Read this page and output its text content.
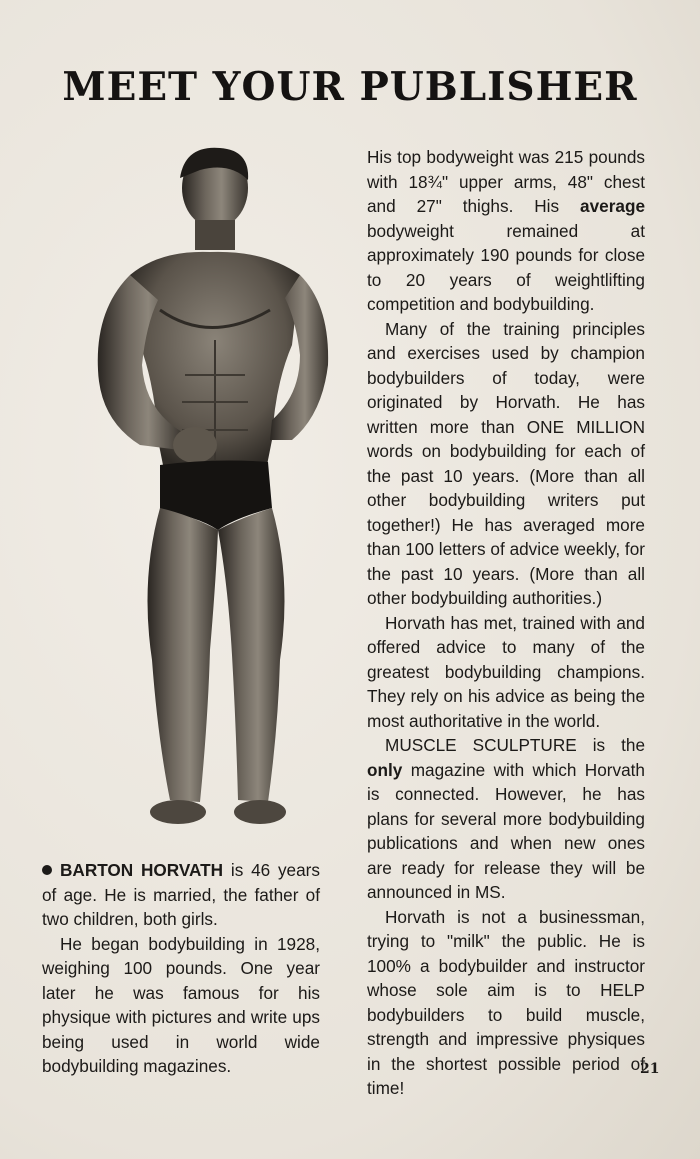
MEET YOUR PUBLISHER

His top bodyweight was 215 pounds with 18¾" upper arms, 48" chest and 27" thighs. His average bodyweight remained at approximately 190 pounds for close to 20 years of weightlifting competition and bodybuilding.

Many of the training principles and exercises used by champion bodybuilders of today, were originated by Horvath. He has written more than ONE MILLION words on bodybuilding for each of the past 10 years. (More than all other bodybuilding writers put together!) He has averaged more than 100 letters of advice weekly, for the past 10 years. (More than all other bodybuilding authorities.)

Horvath has met, trained with and offered advice to many of the greatest bodybuilding champions. They rely on his advice as being the most authoritative in the world.

MUSCLE SCULPTURE is the only magazine with which Horvath is connected. However, he has plans for several more bodybuilding publications and when new ones are ready for release they will be announced in MS.

Horvath is not a businessman, trying to "milk" the public. He is 100% a bodybuilder and instructor whose sole aim is to HELP bodybuilders to build muscle, strength and impressive physiques in the shortest possible period of time!

BARTON HORVATH is 46 years of age. He is married, the father of two children, both girls.

He began bodybuilding in 1928, weighing 100 pounds. One year later he was famous for his physique with pictures and write ups being used in world wide bodybuilding magazines.	21
